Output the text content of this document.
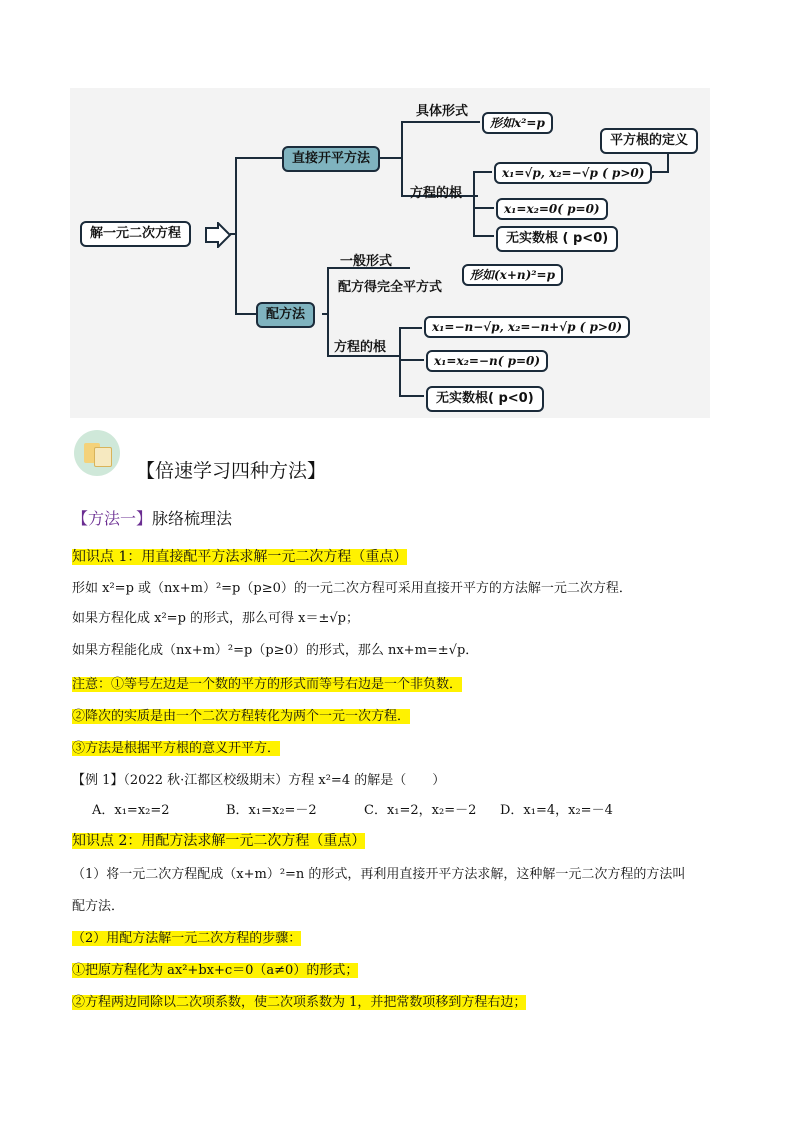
解一元二次方程
直接开平方法
具体形式
形如x²=p
平方根的定义
方程的根
x₁=√p, x₂=−√p ( p>0)
x₁=x₂=0( p=0)
无实数根 ( p<0)
配方法
一般形式
配方得完全平方式
形如(x+n)²=p
方程的根
x₁=−n−√p, x₂=−n+√p ( p>0)
x₁=x₂=−n( p=0)
无实数根( p<0)
【倍速学习四种方法】
【方法一】脉络梳理法
知识点 1：用直接配平方法求解一元二次方程（重点）
形如 x²=p 或（nx+m）²=p（p≥0）的一元二次方程可采用直接开平方的方法解一元二次方程．
如果方程化成 x²=p 的形式，那么可得 x＝±√p；
如果方程能化成（nx+m）²=p（p≥0）的形式，那么 nx+m=±√p．
注意：①等号左边是一个数的平方的形式而等号右边是一个非负数．
②降次的实质是由一个二次方程转化为两个一元一次方程．
③方法是根据平方根的意义开平方．
【例 1】（2022 秋·江都区校级期末）方程 x²=4 的解是（　　）
A．x₁=x₂=2	B．x₁=x₂=－2	C．x₁=2，x₂=－2 D．x₁=4，x₂=－4
知识点 2：用配方法求解一元二次方程（重点）
（1）将一元二次方程配成（x+m）²=n 的形式，再利用直接开平方法求解，这种解一元二次方程的方法叫
配方法．
（2）用配方法解一元二次方程的步骤：
①把原方程化为 ax²+bx+c＝0（a≠0）的形式；
②方程两边同除以二次项系数，使二次项系数为 1，并把常数项移到方程右边；
